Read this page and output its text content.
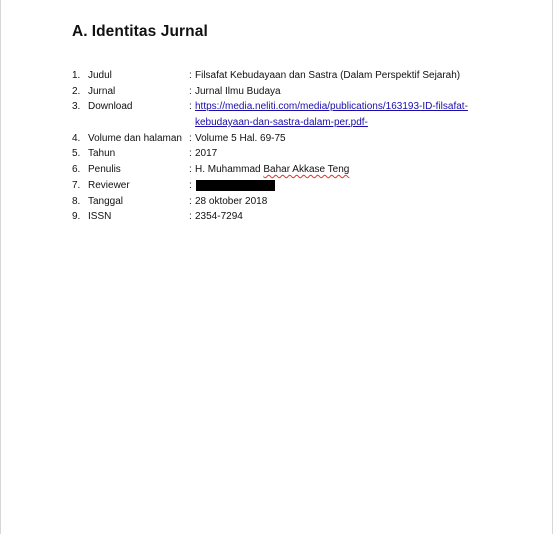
A. Identitas Jurnal
1. Judul	: Filsafat Kebudayaan dan Sastra (Dalam Perspektif Sejarah)
2. Jurnal	: Jurnal Ilmu Budaya
3. Download	: https://media.neliti.com/media/publications/163193-ID-filsafat-
kebudayaan-dan-sastra-dalam-per.pdf-
4. Volume dan halaman : Volume 5 Hal. 69-75
5. Tahun	: 2017
6. Penulis	: H. Muhammad Bahar Akkase Teng
7. Reviewer	:
8. Tanggal	: 28 oktober 2018
9. ISSN	: 2354-7294
